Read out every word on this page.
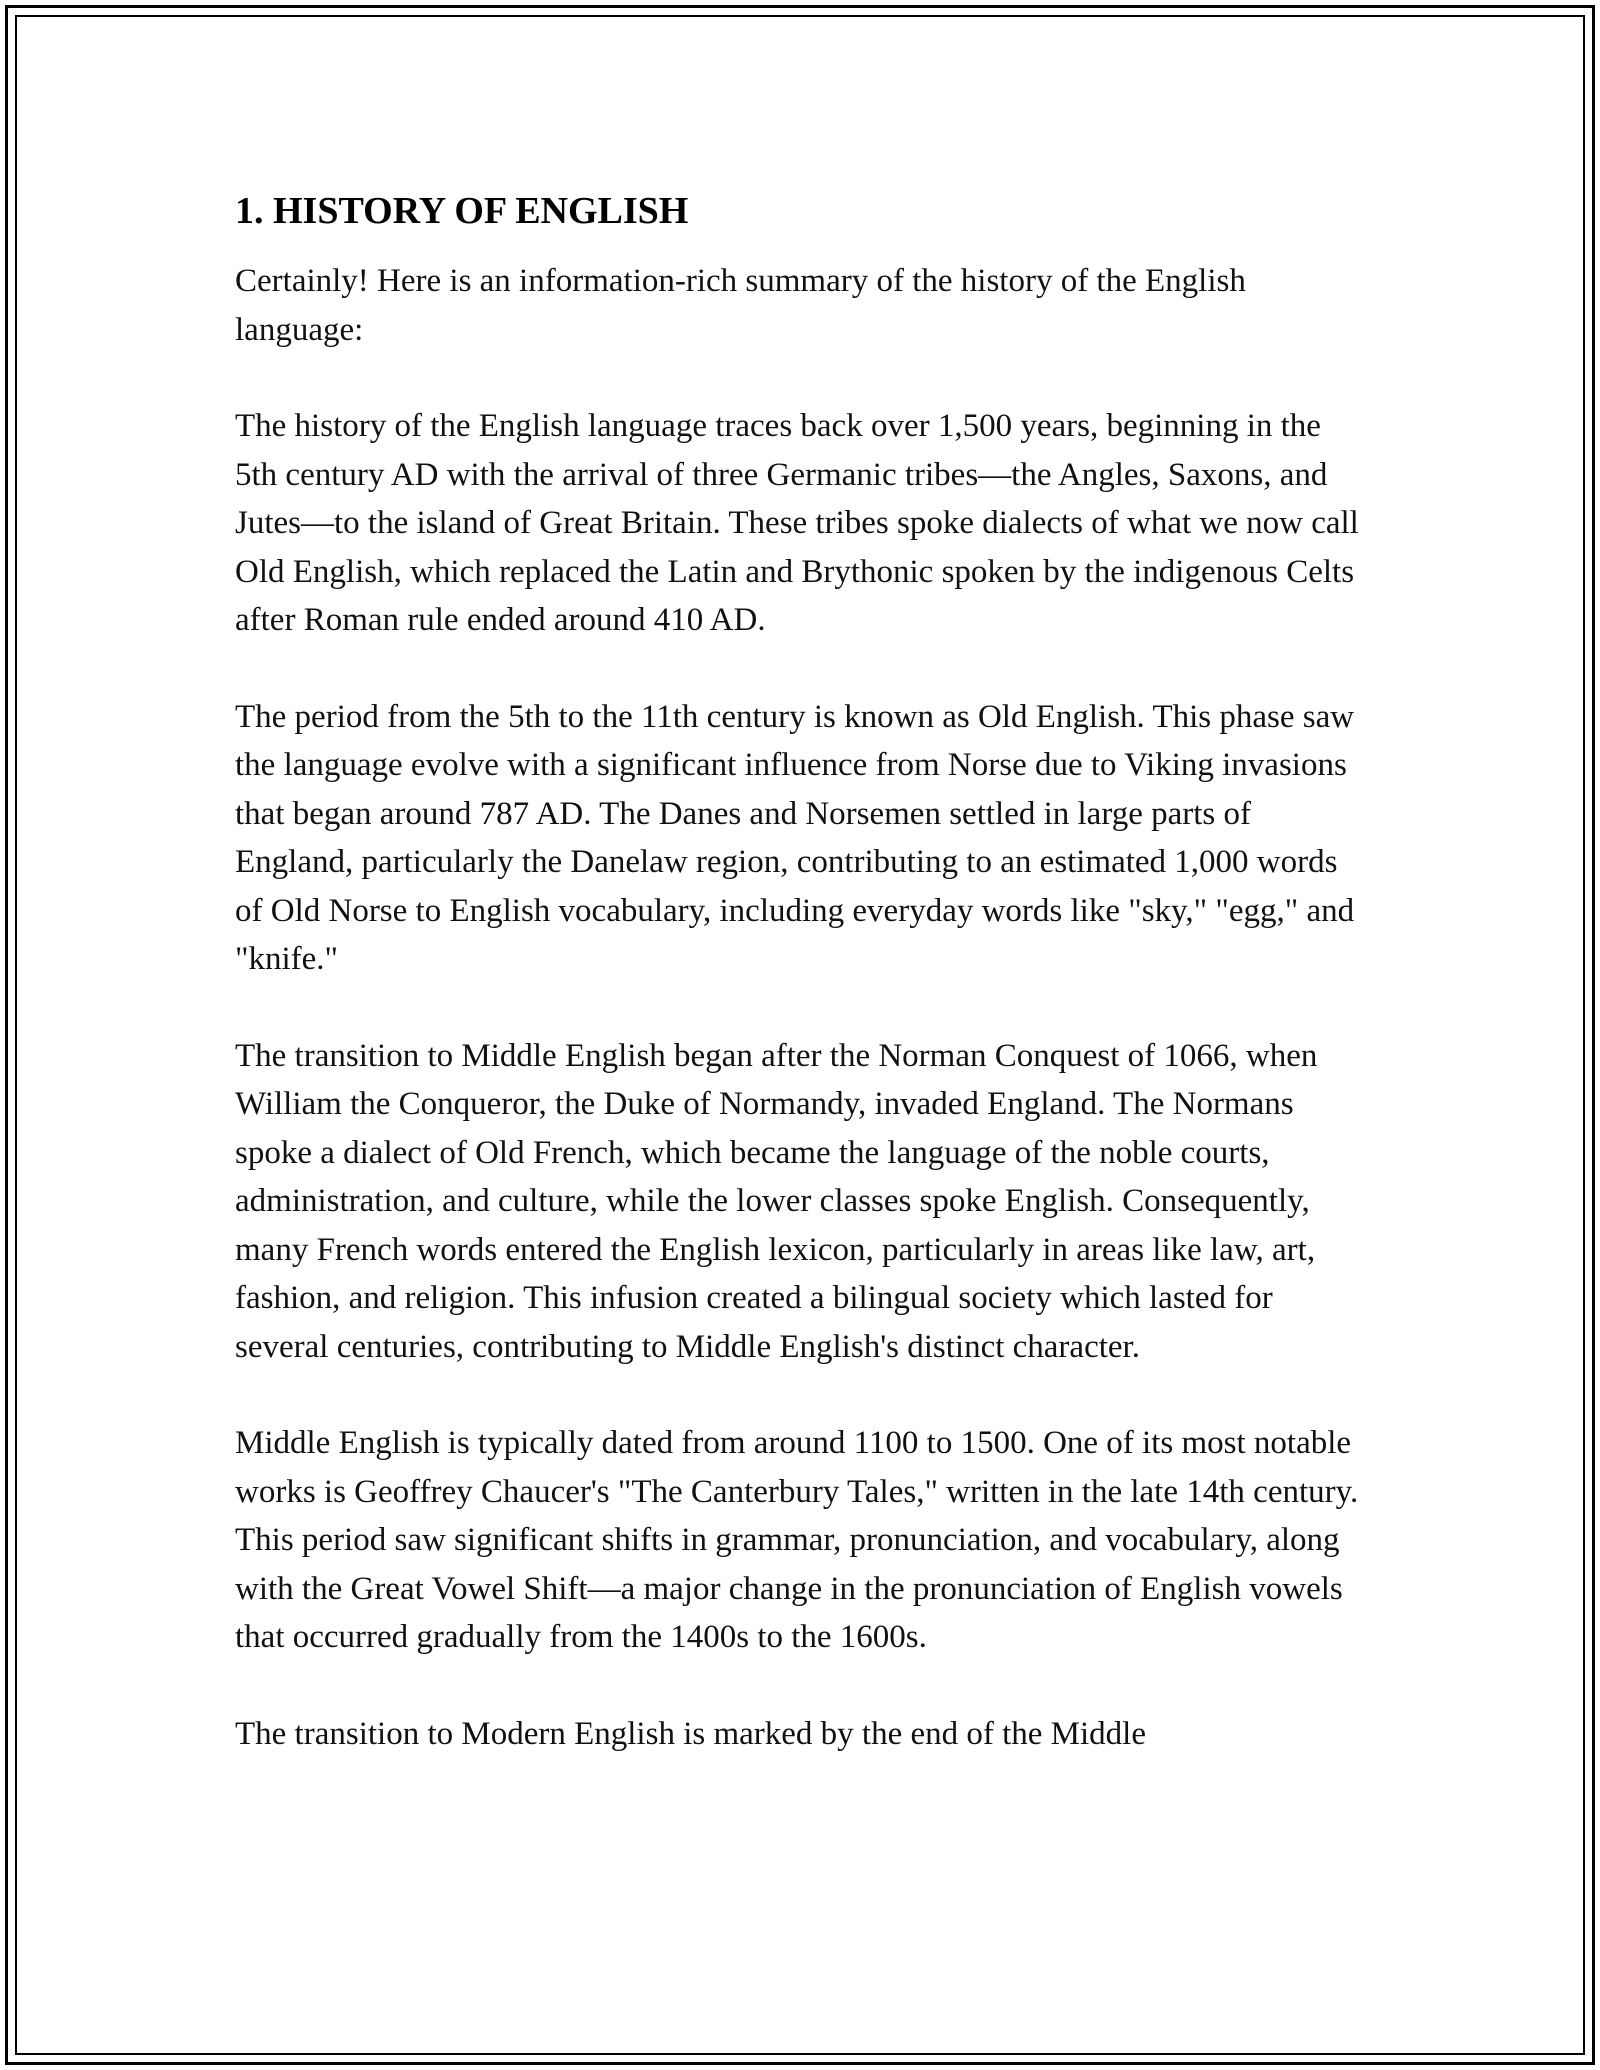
1. HISTORY OF ENGLISH

Certainly! Here is an information-rich summary of the history of the English language:

The history of the English language traces back over 1,500 years, beginning in the 5th century AD with the arrival of three Germanic tribes—the Angles, Saxons, and Jutes—to the island of Great Britain. These tribes spoke dialects of what we now call Old English, which replaced the Latin and Brythonic spoken by the indigenous Celts after Roman rule ended around 410 AD.

The period from the 5th to the 11th century is known as Old English. This phase saw the language evolve with a significant influence from Norse due to Viking invasions that began around 787 AD. The Danes and Norsemen settled in large parts of England, particularly the Danelaw region, contributing to an estimated 1,000 words of Old Norse to English vocabulary, including everyday words like "sky," "egg," and "knife."

The transition to Middle English began after the Norman Conquest of 1066, when William the Conqueror, the Duke of Normandy, invaded England. The Normans spoke a dialect of Old French, which became the language of the noble courts, administration, and culture, while the lower classes spoke English. Consequently, many French words entered the English lexicon, particularly in areas like law, art, fashion, and religion. This infusion created a bilingual society which lasted for several centuries, contributing to Middle English's distinct character.

Middle English is typically dated from around 1100 to 1500. One of its most notable works is Geoffrey Chaucer's "The Canterbury Tales," written in the late 14th century. This period saw significant shifts in grammar, pronunciation, and vocabulary, along with the Great Vowel Shift—a major change in the pronunciation of English vowels that occurred gradually from the 1400s to the 1600s.

The transition to Modern English is marked by the end of the Middle
